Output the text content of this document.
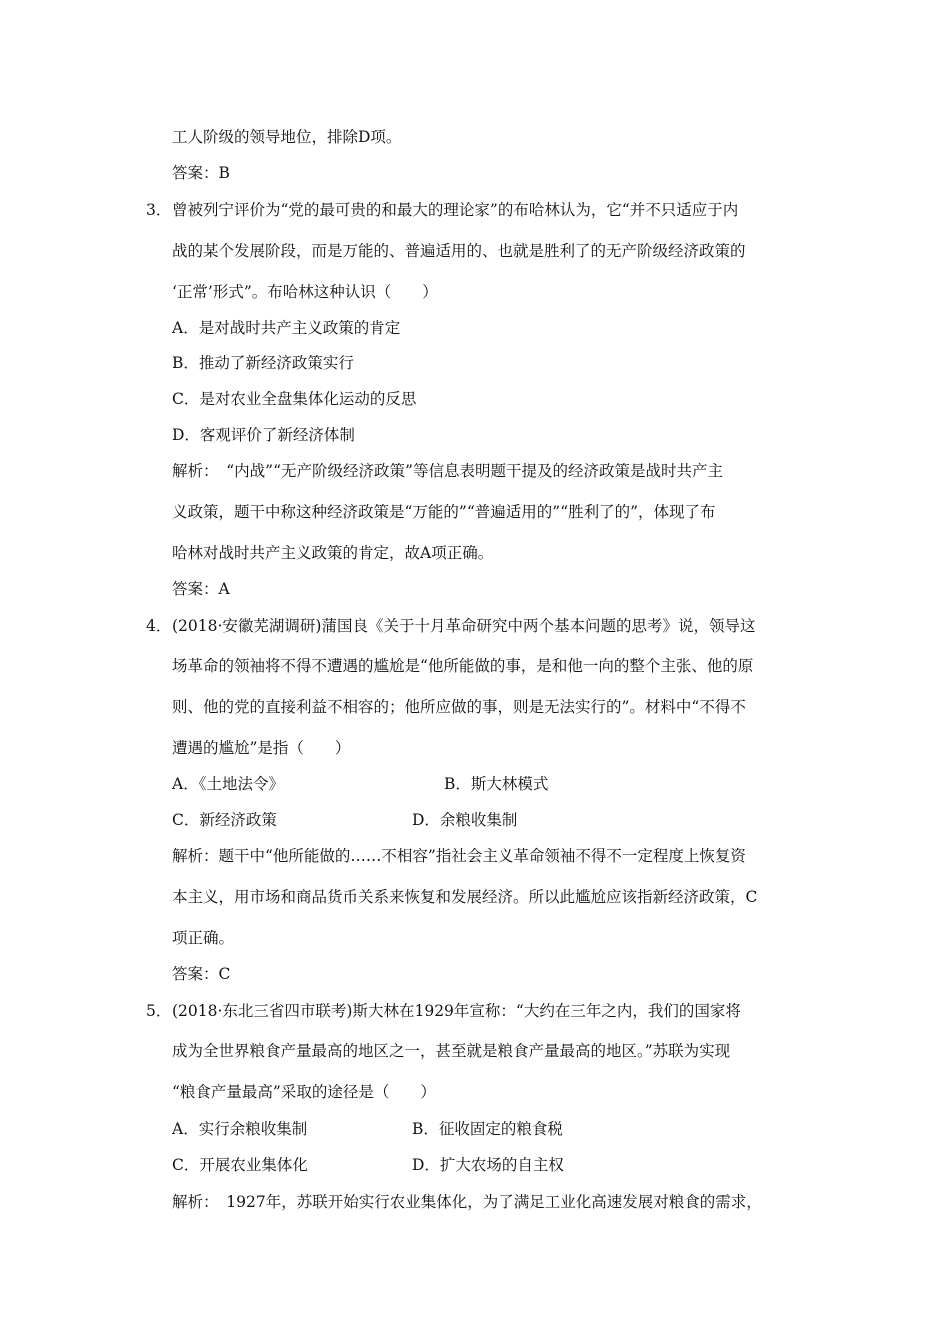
工人阶级的领导地位，排除D项。
答案：B
3． 曾被列宁评价为“党的最可贵的和最大的理论家”的布哈林认为，它“并不只适应于内
战的某个发展阶段，而是万能的、普遍适用的、也就是胜利了的无产阶级经济政策的
‘正常’形式”。布哈林这种认识（　　）
A．是对战时共产主义政策的肯定
B．推动了新经济政策实行
C．是对农业全盘集体化运动的反思
D．客观评价了新经济体制
解析：　“内战”“无产阶级经济政策”等信息表明题干提及的经济政策是战时共产主
义政策，题干中称这种经济政策是“万能的”“普遍适用的”“胜利了的”，体现了布
哈林对战时共产主义政策的肯定，故A项正确。
答案：A
4． (2018·安徽芜湖调研)蒲国良《关于十月革命研究中两个基本问题的思考》说，领导这
场革命的领袖将不得不遭遇的尴尬是“他所能做的事，是和他一向的整个主张、他的原
则、他的党的直接利益不相容的；他所应做的事，则是无法实行的”。材料中“不得不
遭遇的尴尬”是指（　　）
A．《土地法令》	B．斯大林模式
C．新经济政策	D．余粮收集制
解析：题干中“他所能做的……不相容”指社会主义革命领袖不得不一定程度上恢复资
本主义，用市场和商品货币关系来恢复和发展经济。所以此尴尬应该指新经济政策，C
项正确。
答案：C
5． (2018·东北三省四市联考)斯大林在1929年宣称：“大约在三年之内，我们的国家将
成为全世界粮食产量最高的地区之一，甚至就是粮食产量最高的地区。”苏联为实现
“粮食产量最高”采取的途径是（　　）
A．实行余粮收集制	B．征收固定的粮食税
C．开展农业集体化	D．扩大农场的自主权
解析：　1927年，苏联开始实行农业集体化，为了满足工业化高速发展对粮食的需求，
